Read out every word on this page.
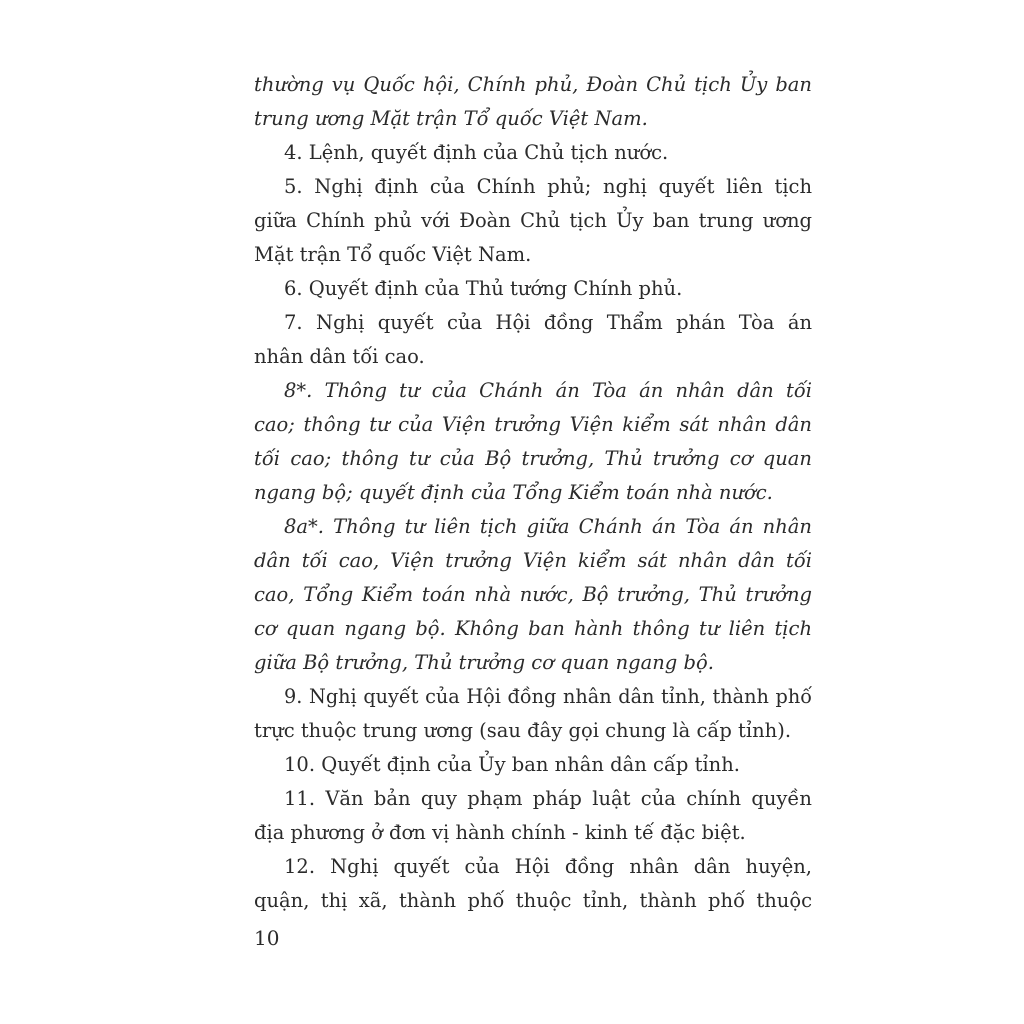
thường vụ Quốc hội, Chính phủ, Đoàn Chủ tịch Ủy ban
trung ương Mặt trận Tổ quốc Việt Nam.
4. Lệnh, quyết định của Chủ tịch nước.
5. Nghị định của Chính phủ; nghị quyết liên tịch
giữa Chính phủ với Đoàn Chủ tịch Ủy ban trung ương
Mặt trận Tổ quốc Việt Nam.
6. Quyết định của Thủ tướng Chính phủ.
7. Nghị quyết của Hội đồng Thẩm phán Tòa án
nhân dân tối cao.
8*. Thông tư của Chánh án Tòa án nhân dân tối
cao; thông tư của Viện trưởng Viện kiểm sát nhân dân
tối cao; thông tư của Bộ trưởng, Thủ trưởng cơ quan
ngang bộ; quyết định của Tổng Kiểm toán nhà nước.
8a*. Thông tư liên tịch giữa Chánh án Tòa án nhân
dân tối cao, Viện trưởng Viện kiểm sát nhân dân tối
cao, Tổng Kiểm toán nhà nước, Bộ trưởng, Thủ trưởng
cơ quan ngang bộ. Không ban hành thông tư liên tịch
giữa Bộ trưởng, Thủ trưởng cơ quan ngang bộ.
9. Nghị quyết của Hội đồng nhân dân tỉnh, thành phố
trực thuộc trung ương (sau đây gọi chung là cấp tỉnh).
10. Quyết định của Ủy ban nhân dân cấp tỉnh.
11. Văn bản quy phạm pháp luật của chính quyền
địa phương ở đơn vị hành chính - kinh tế đặc biệt.
12. Nghị quyết của Hội đồng nhân dân huyện,
quận, thị xã, thành phố thuộc tỉnh, thành phố thuộc
10
